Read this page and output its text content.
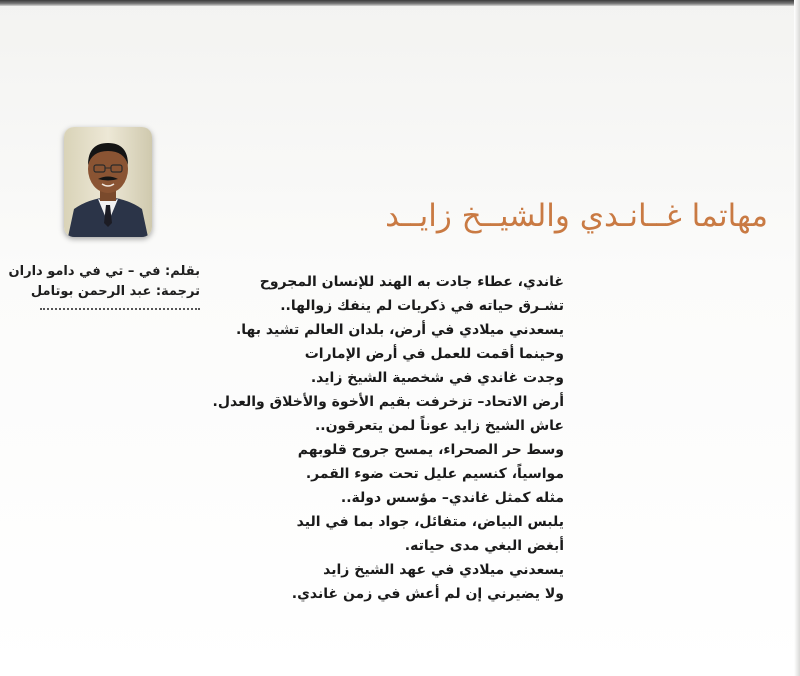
مهاتما غــانـدي والشيــخ زايــد
بقلم: في – تي في دامو داران
ترجمة: عبد الرحمن بوتامل
غاندي، عطاء جادت به الهند للإنسان المجروح
تشـرق حياته في ذكريات لم ينفك زوالها..
يسعدني ميلادي في أرض، بلدان العالم تشيد بها.
وحينما أقمت للعمل في أرض الإمارات
وجدت غاندي في شخصية الشيخ زايد.
أرض الاتحاد– تزخرفت بقيم الأخوة والأخلاق والعدل.
عاش الشيخ زايد عوناً لمن يتعرقون..
وسط حر الصحراء، يمسح جروح قلوبهم
مواسياً، كنسيم عليل تحت ضوء القمر.
مثله كمثل غاندي– مؤسس دولة..
يلبس البياض، متفائل، جواد بما في اليد
أبغض البغي مدى حياته.
يسعدني ميلادي في عهد الشيخ زايد
ولا يضيرني إن لم أعش في زمن غاندي.
